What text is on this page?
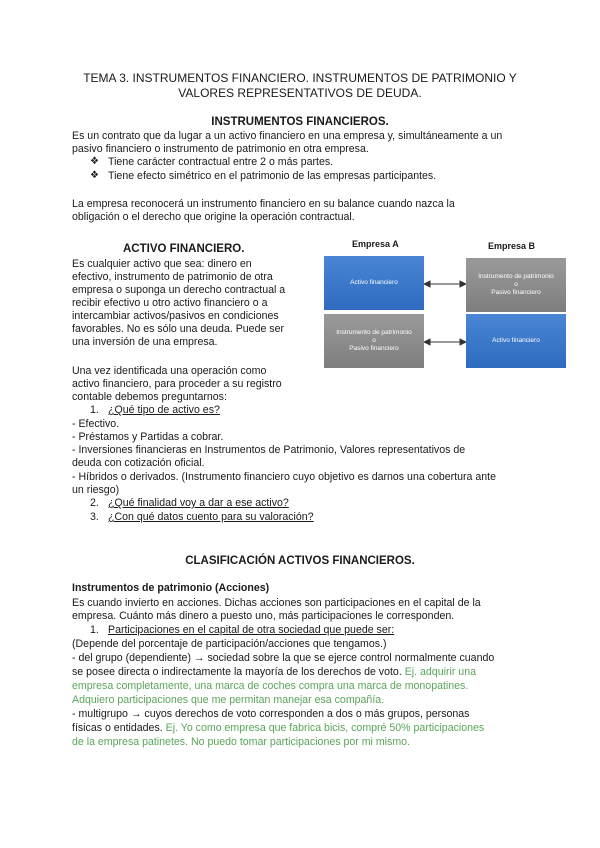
TEMA 3. INSTRUMENTOS FINANCIERO. INSTRUMENTOS DE PATRIMONIO Y
VALORES REPRESENTATIVOS DE DEUDA.
INSTRUMENTOS FINANCIEROS.
Es un contrato que da lugar a un activo financiero en una empresa y, simultáneamente a un
pasivo financiero o instrumento de patrimonio en otra empresa.
❖ Tiene carácter contractual entre 2 o más partes.
❖ Tiene efecto simétrico en el patrimonio de las empresas participantes.
La empresa reconocerá un instrumento financiero en su balance cuando nazca la
obligación o el derecho que origine la operación contractual.
ACTIVO FINANCIERO.
Es cualquier activo que sea: dinero en
efectivo, instrumento de patrimonio de otra
empresa o suponga un derecho contractual a
recibir efectivo u otro activo financiero o a
intercambiar activos/pasivos en condiciones
favorables. No es sólo una deuda. Puede ser
una inversión de una empresa.
Una vez identificada una operación como
activo financiero, para proceder a su registro
contable debemos preguntarnos:
1. ¿Qué tipo de activo es?
- Efectivo.
- Préstamos y Partidas a cobrar.
- Inversiones financieras en Instrumentos de Patrimonio, Valores representativos de
deuda con cotización oficial.
- Híbridos o derivados. (Instrumento financiero cuyo objetivo es darnos una cobertura ante
un riesgo)
2. ¿Qué finalidad voy a dar a ese activo?
3. ¿Con qué datos cuento para su valoración?
Empresa A	Empresa B
Activo financiero
Instrumento de patrimonio
o
Pasivo financiero
Instrumento de patrimonio
o
Pasivo financiero
Activo financiero
CLASIFICACIÓN ACTIVOS FINANCIEROS.
Instrumentos de patrimonio (Acciones)
Es cuando invierto en acciones. Dichas acciones son participaciones en el capital de la
empresa. Cuánto más dinero a puesto uno, más participaciones le corresponden.
1. Participaciones en el capital de otra sociedad que puede ser:
(Depende del porcentaje de participación/acciones que tengamos.)
- del grupo (dependiente) → sociedad sobre la que se ejerce control normalmente cuando
se posee directa o indirectamente la mayoría de los derechos de voto. Ej. adquirir una
empresa completamente, una marca de coches compra una marca de monopatines.
Adquiero participaciones que me permitan manejar esa compañía.
- multigrupo → cuyos derechos de voto corresponden a dos o más grupos, personas
físicas o entidades. Ej. Yo como empresa que fabrica bicis, compré 50% participaciones
de la empresa patinetes. No puedo tomar participaciones por mi mismo.
